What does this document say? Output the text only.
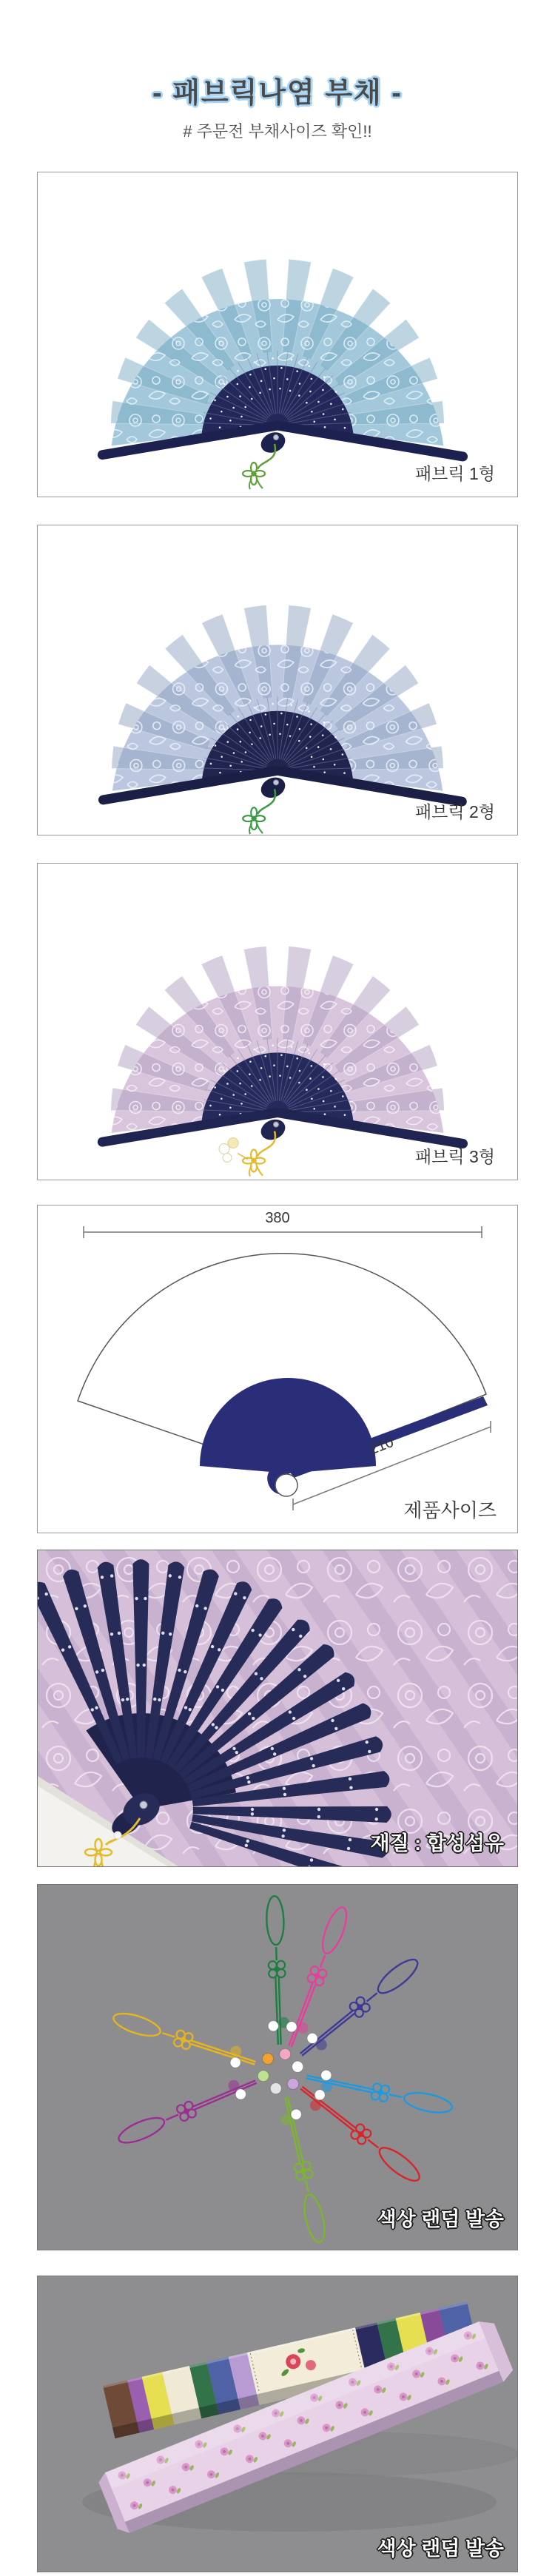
- 패브릭나염 부채 -
# 주문전 부채사이즈 확인!!
패브릭 1형
패브릭 2형
패브릭 3형
380
210
제품사이즈
재질 : 합성섬유
색상 랜덤 발송
색상 랜덤 발송
